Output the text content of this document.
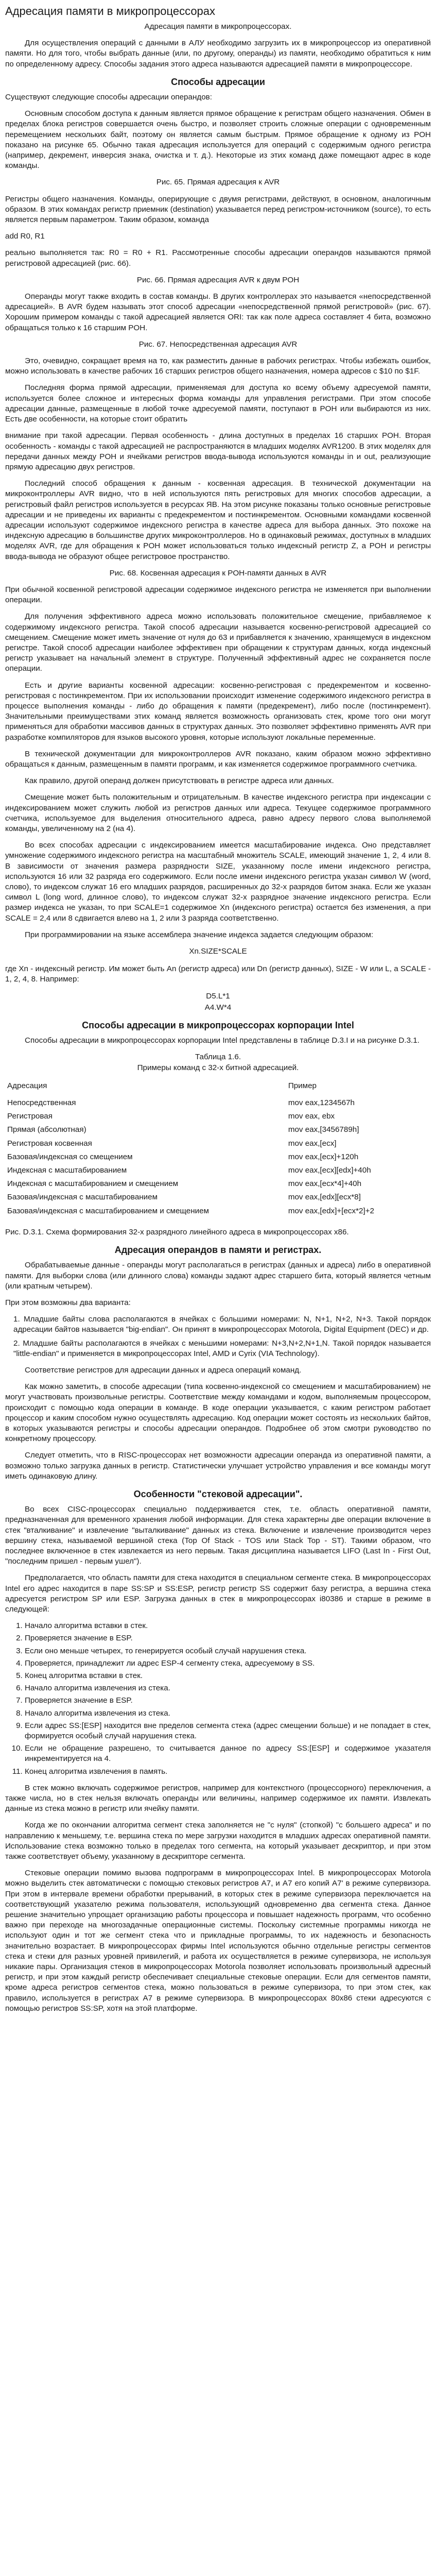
Адресация памяти в микропроцессорах

Адресация памяти в микропроцессорах.

Для осуществления операций с данными в АЛУ необходимо загрузить их в микропроцессор из оперативной памяти. Но для того, чтобы выбрать данные (или, по другому, операнды) из памяти, необходимо обратиться к ним по определенному адресу. Способы задания этого адреса называются адресацией памяти в микропроцессоре.

Способы адресации

Существуют следующие способы адресации операндов:

Основным способом доступа к данным является прямое обращение к регистрам общего назначения. Обмен в пределах блока регистров совершается очень быстро, и позволяет строить сложные операции с одновременным перемещением нескольких байт, поэтому он является самым быстрым. Прямое обращение к одному из POH показано на рисунке 65. Обычно такая адресация используется для операций с содержимым одного регистра (например, декремент, инверсия знака, очистка и т. д.). Некоторые из этих команд даже помещают адрес в коде команды.

Рис. 65. Прямая адресация к AVR

Регистры общего назначения. Команды, оперирующие с двумя регистрами, действуют, в основном, аналогичным образом. В этих командах регистр приемник (destination) указывается перед регистром-источником (source), то есть является первым параметром. Таким образом, команда

add R0, R1

реально выполняется так: R0 = R0 + R1. Рассмотренные способы адресации операндов называются прямой регистровой адресацией (рис. 66).

Рис. 66. Прямая адресация AVR к двум POH

Операнды могут также входить в состав команды. В других контроллерах это называется «непосредственной адресацией». В AVR будем называть этот способ адресации «непосредственной прямой регистровой» (рис. 67). Хорошим примером команды с такой адресацией является ORI: так как поле адреса составляет 4 бита, возможно обращаться только к 16 старшим POH.

Рис. 67. Непосредственная адресация AVR

Это, очевидно, сокращает время на то, как разместить данные в рабочих регистрах. Чтобы избежать ошибок, можно использовать в качестве рабочих 16 старших регистров общего назначения, номера адресов с $10 по $1F.

Последняя форма прямой адресации, применяемая для доступа ко всему объему адресуемой памяти, используется более сложное и интересных форма команды для управления регистрами. При этом способе адресации данные, размещенные в любой точке адресуемой памяти, поступают в POH или выбираются из них. Есть две особенности, на которые стоит обратить

внимание при такой адресации. Первая особенность - длина доступных в пределах 16 старших POH. Вторая особенность - команды с такой адресацией не распространяются в младших моделях AVR1200. В этих моделях для передачи данных между POH и ячейками регистров ввода-вывода используются команды in и out, реализующие прямую адресацию двух регистров.

Последний способ обращения к данным - косвенная адресация. В технической документации на микроконтроллеры AVR видно, что в ней используются пять регистровых для многих способов адресации, а регистровый файл регистров используется в ресурсах ЯВ. На этом рисунке показаны только основные регистровые адресации и не приведены их варианты с предекрементом и постинкрементом. Основными командами косвенной адресации используют содержимое индексного регистра в качестве адреса для выбора данных. Это похоже на индексную адресацию в большинстве других микроконтроллеров. Но в одинаковый режимах, доступных в младших моделях AVR, где для обращения к POH может использоваться только индексный регистр Z, а POH и регистры ввода-вывода не образуют общее регистровое пространство.

Рис. 68. Косвенная адресация к POH-памяти данных в AVR

При обычной косвенной регистровой адресации содержимое индексного регистра не изменяется при выполнении операции.

Для получения эффективного адреса можно использовать положительное смещение, прибавляемое к содержимому индексного регистра. Такой способ адресации называется косвенно-регистровой адресацией со смещением. Смещение может иметь значение от нуля до 63 и прибавляется к значению, хранящемуся в индексном регистре. Такой способ адресации наиболее эффективен при обращении к структурам данных, когда индексный регистр указывает на начальный элемент в структуре. Полученный эффективный адрес не сохраняется после операции.

Есть и другие варианты косвенной адресации: косвенно-регистровая с предекрементом и косвенно-регистровая с постинкрементом. При их использовании происходит изменение содержимого индексного регистра в процессе выполнения команды - либо до обращения к памяти (предекремент), либо после (постинкремент). Значительными преимуществами этих команд является возможность организовать стек, кроме того они могут применяться для обработки массивов данных в структурах данных. Это позволяет эффективно применять AVR при разработке компиляторов для языков высокого уровня, которые используют локальные переменные.

В технической документации для микроконтроллеров AVR показано, каким образом можно эффективно обращаться к данным, размещенным в памяти программ, и как изменяется содержимое программного счетчика.

Как правило, другой операнд должен присутствовать в регистре адреса или данных.

Смещение может быть положительным и отрицательным. В качестве индексного регистра при индексации с индексированием может служить любой из регистров данных или адреса. Текущее содержимое программного счетчика, используемое для выделения относительного адреса, равно адресу первого слова выполняемой команды, увеличенному на 2 (на 4).

Во всех способах адресации с индексированием имеется масштабирование индекса. Оно представляет умножение содержимого индексного регистра на масштабный множитель SCALE, имеющий значение 1, 2, 4 или 8. В зависимости от значения размера разрядности SIZE, указанному после имени индексного регистра, используются 16 или 32 разряда его содержимого. Если после имени индексного регистра указан символ W (word, слово), то индексом служат 16 его младших разрядов, расширенных до 32-х разрядов битом знака. Если же указан символ L (long word, длинное слово), то индексом служат 32-х разрядное значение индексного регистра. Если размер индекса не указан, то при SCALE=1 содержимое Xn (индексного регистра) остается без изменения, а при SCALE = 2,4 или 8 сдвигается влево на 1, 2 или 3 разряда соответственно.

При программировании на языке ассемблера значение индекса задается следующим образом:

Xn.SIZE*SCALE

где Xn - индексный регистр. Им может быть An (регистр адреса) или Dn (регистр данных), SIZE - W или L, а SCALE - 1, 2, 4, 8. Например:

D5.L*1
A4.W*4
Способы адресации в микропроцессорах корпорации Intel

Способы адресации в микропроцессорах корпорации Intel представлены в таблице D.3.I и на рисунке D.3.1.

Таблица 1.6.
Примеры команд с 32-х битной адресацией.
Адресация	Пример
Непосредственная	mov eax,1234567h
Регистровая	mov eax, ebx
Прямая (абсолютная)	mov eax,[3456789h]
Регистровая косвенная	mov eax,[ecx]
Базовая/индексная со смещением	mov eax,[ecx]+120h
Индексная с масштабированием	mov eax,[ecx][edx]+40h
Индексная с масштабированием и смещением	mov eax,[ecx*4]+40h
Базовая/индексная с масштабированием	mov eax,[edx][ecx*8]
Базовая/индексная с масштабированием и смещением	mov eax,[edx]+[ecx*2]+2

Рис. D.3.1. Схема формирования 32-х разрядного линейного адреса в микропроцессорах x86.

Адресация операндов в памяти и регистрах.

Обрабатываемые данные - операнды могут располагаться в регистрах (данных и адреса) либо в оперативной памяти. Для выборки слова (или длинного слова) команды задают адрес старшего бита, который является четным (или кратным четырем).

При этом возможны два варианта:

1. Младшие байты слова располагаются в ячейках с большими номерами: N, N+1, N+2, N+3. Такой порядок адресации байтов называется "big-endian". Он принят в микропроцессорах Motorola, Digital Equipment (DEC) и др.

2. Младшие байты располагаются в ячейках с меньшими номерами: N+3,N+2,N+1,N. Такой порядок называется "little-endian" и применяется в микропроцессорах Intel, AMD и Cyrix (VIA Technology).

Соответствие регистров для адресации данных и адреса операций команд.

Как можно заметить, в способе адресации (типа косвенно-индексной со смещением и масштабированием) не могут участвовать произвольные регистры. Соответствие между командами и кодом, выполняемым процессором, происходит с помощью кода операции в команде. В коде операции указывается, с каким регистром работает процессор и каким способом нужно осуществлять адресацию. Код операции может состоять из нескольких байтов, в которых указываются регистры и способы адресации операндов. Подробнее об этом смотри руководство по конкретному процессору.

Следует отметить, что в RISC-процессорах нет возможности адресации операнда из оперативной памяти, а возможно только загрузка данных в регистр. Статистически улучшает устройство управления и все команды могут иметь одинаковую длину.

Особенности "стековой адресации".

Во всех CISC-процессорах специально поддерживается стек, т.е. область оперативной памяти, предназначенная для временного хранения любой информации. Для стека характерны две операции включение в стек "вталкивание" и извлечение "выталкивание" данных из стека. Включение и извлечение производится через вершину стека, называемой вершиной стека (Top Of Stack - TOS или Stack Top - ST). Такими образом, что последнее включенное в стек извлекается из него первым. Такая дисциплина называется LIFO (Last In - First Out, "последним пришел - первым ушел").

Предполагается, что область памяти для стека находится в специальном сегменте стека. В микропроцессорах Intel его адрес находится в паре SS:SP и SS:ESP, регистр регистр SS содержит базу регистра, а вершина стека адресуется регистром SP или ESP. Загрузка данных в стек в микропроцессорах i80386 и старше в режиме в следующей:

1. Начало алгоритма вставки в стек.
2. Проверяется значение в ESP.
3. Если оно меньше четырех, то генерируется особый случай нарушения стека.
4. Проверяется, принадлежит ли адрес ESP-4 сегменту стека, адресуемому в SS.
5. Конец алгоритма вставки в стек.
6. Начало алгоритма извлечения из стека.
7. Проверяется значение в ESP.
8. Начало алгоритма извлечения из стека.
9. Если адрес SS:[ESP] находится вне пределов сегмента стека (адрес смещении больше) и не попадает в стек, формируется особый случай нарушения стека.
10. Если не обращение разрешено, то считывается данное по адресу SS:[ESP] и содержимое указателя инкрементируется на 4.
11. Конец алгоритма извлечения в память.

В стек можно включать содержимое регистров, например для контекстного (процессорного) переключения, а также числа, но в стек нельзя включать операнды или величины, например содержимое их памяти. Извлекать данные из стека можно в регистр или ячейку памяти.

Когда же по окончании алгоритма сегмент стека заполняется не "с нуля" (стопкой) "с большего адреса" и по направлению к меньшему, т.е. вершина стека по мере загрузки находится в младших адресах оперативной памяти. Использование стека возможно только в пределах того сегмента, на который указывает дескриптор, и при этом также соответствует объему, указанному в дескрипторе сегмента.

Стековые операции помимо вызова подпрограмм в микропроцессорах Intel. В микропроцессорах Motorola можно выделить стек автоматически с помощью стековых регистров A7, и A7 его копий A7' в режиме супервизора. При этом в интервале времени обработки прерываний, в которых стек в режиме супервизора переключается на соответствующий указателю режима пользователя, использующий одновременно два сегмента стека. Данное решение значительно упрощает организацию работы процессора и повышает надежность программ, что особенно важно при переходе на многозадачные операционные системы. Поскольку системные программы никогда не используют один и тот же сегмент стека что и прикладные программы, то их надежность и безопасность значительно возрастает. В микропроцессорах фирмы Intel используются обычно отдельные регистры сегментов стека и стеки для разных уровней привилегий, и работа их осуществляется в режиме супервизора, не используя никакие пары. Организация стеков в микропроцессорах Motorola позволяет использовать произвольный адресный регистр, и при этом каждый регистр обеспечивает специальные стековые операции. Если для сегментов памяти, кроме адреса регистров сегментов стека, можно пользоваться в режиме супервизора, то при этом стек, как правило, используется в регистрах A7 в режиме супервизора. В микропроцессорах 80х86 стеки адресуются с помощью регистров SS:SP, хотя на этой платформе.
